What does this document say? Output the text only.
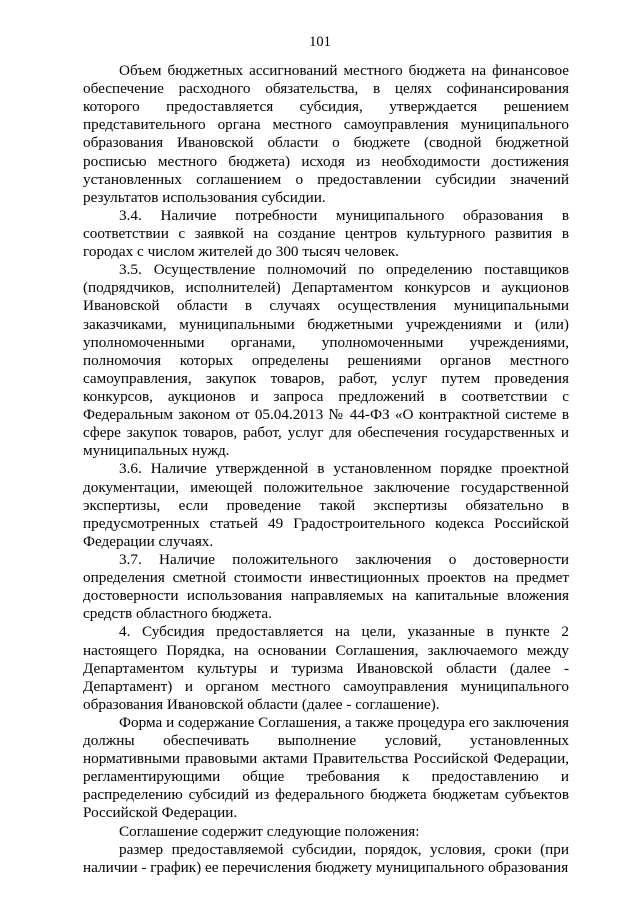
101

Объем бюджетных ассигнований местного бюджета на финансовое обеспечение расходного обязательства, в целях софинансирования которого предоставляется субсидия, утверждается решением представительного органа местного самоуправления муниципального образования Ивановской области о бюджете (сводной бюджетной росписью местного бюджета) исходя из необходимости достижения установленных соглашением о предоставлении субсидии значений результатов использования субсидии.

3.4. Наличие потребности муниципального образования в соответствии с заявкой на создание центров культурного развития в городах с числом жителей до 300 тысяч человек.

3.5. Осуществление полномочий по определению поставщиков (подрядчиков, исполнителей) Департаментом конкурсов и аукционов Ивановской области в случаях осуществления муниципальными заказчиками, муниципальными бюджетными учреждениями и (или) уполномоченными органами, уполномоченными учреждениями, полномочия которых определены решениями органов местного самоуправления, закупок товаров, работ, услуг путем проведения конкурсов, аукционов и запроса предложений в соответствии с Федеральным законом от 05.04.2013 № 44-ФЗ «О контрактной системе в сфере закупок товаров, работ, услуг для обеспечения государственных и муниципальных нужд.

3.6. Наличие утвержденной в установленном порядке проектной документации, имеющей положительное заключение государственной экспертизы, если проведение такой экспертизы обязательно в предусмотренных статьей 49 Градостроительного кодекса Российской Федерации случаях.

3.7. Наличие положительного заключения о достоверности определения сметной стоимости инвестиционных проектов на предмет достоверности использования направляемых на капитальные вложения средств областного бюджета.

4. Субсидия предоставляется на цели, указанные в пункте 2 настоящего Порядка, на основании Соглашения, заключаемого между Департаментом культуры и туризма Ивановской области (далее - Департамент) и органом местного самоуправления муниципального образования Ивановской области (далее - соглашение).

Форма и содержание Соглашения, а также процедура его заключения должны обеспечивать выполнение условий, установленных нормативными правовыми актами Правительства Российской Федерации, регламентирующими общие требования к предоставлению и распределению субсидий из федерального бюджета бюджетам субъектов Российской Федерации.

Соглашение содержит следующие положения:

размер предоставляемой субсидии, порядок, условия, сроки (при наличии - график) ее перечисления бюджету муниципального образования
